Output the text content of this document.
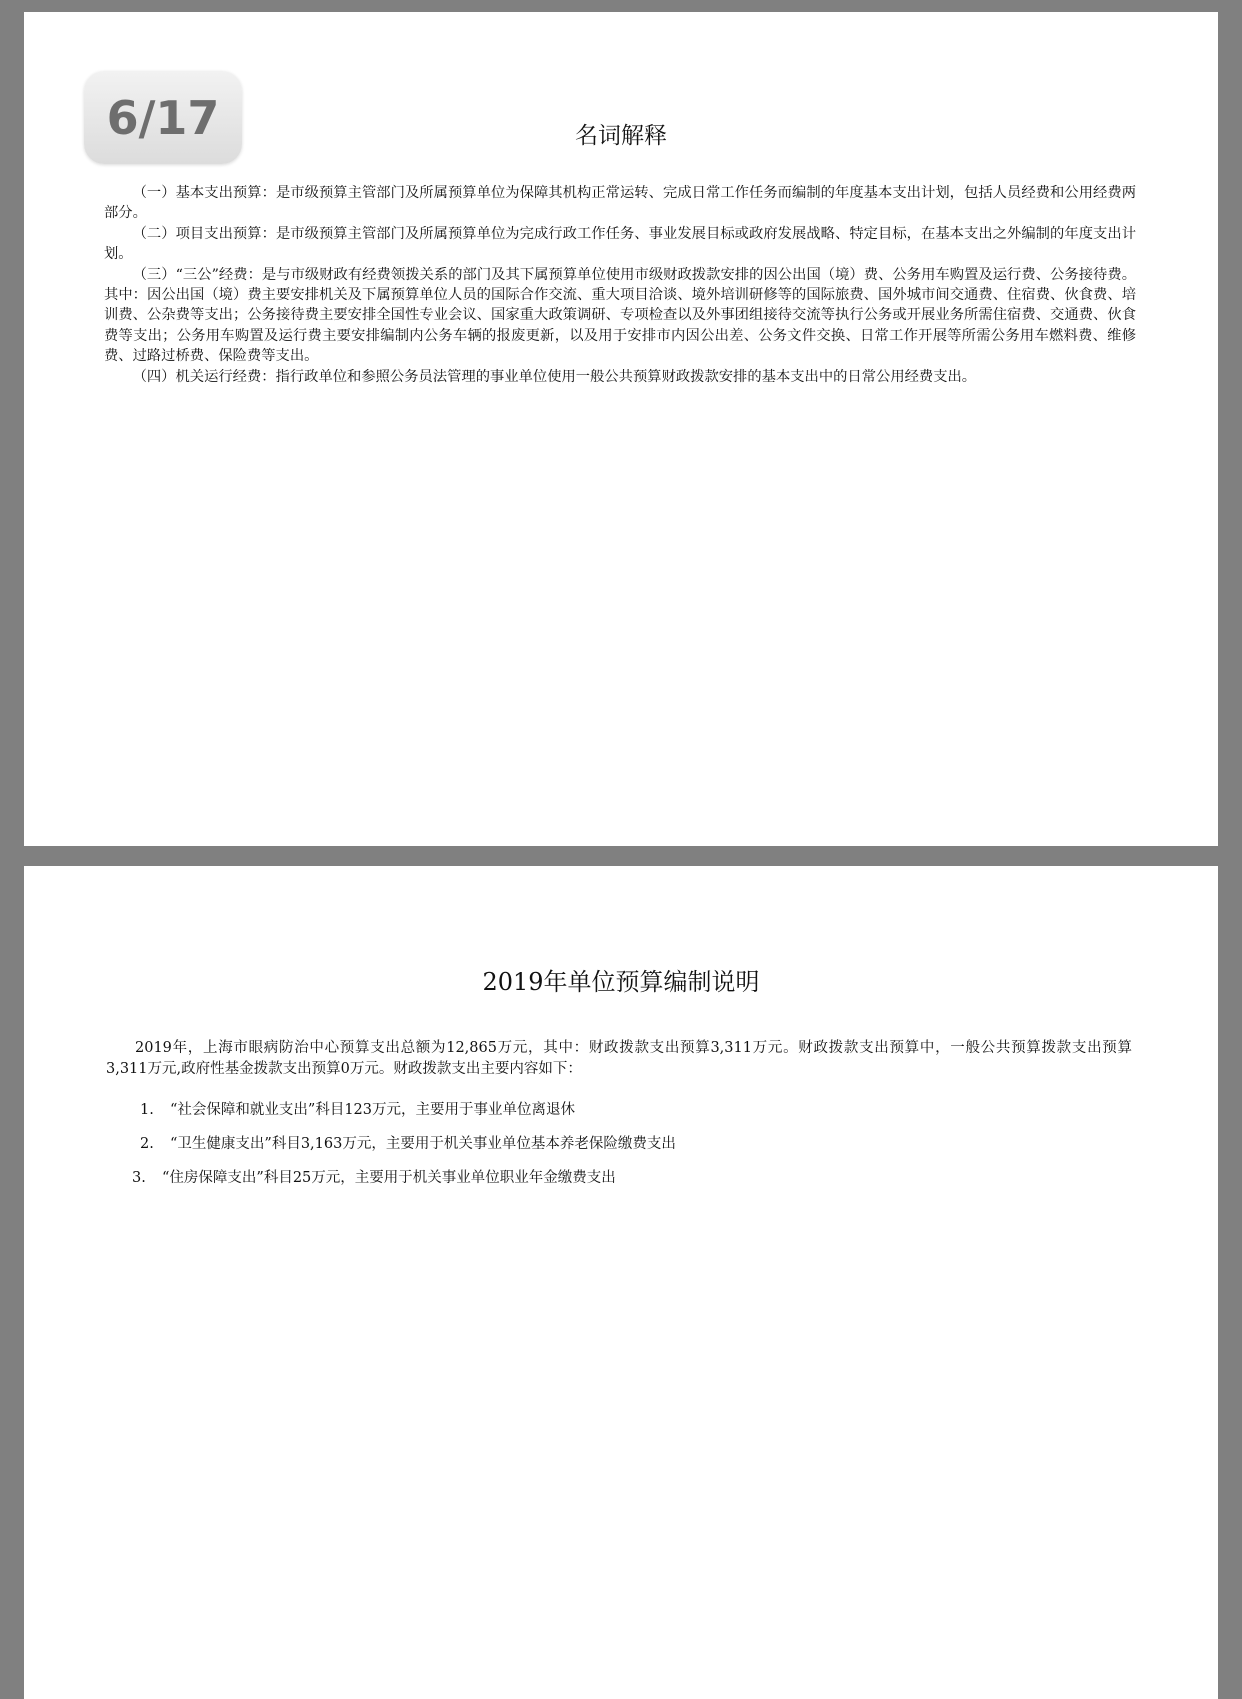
6/17	名词解释

（一）基本支出预算：是市级预算主管部门及所属预算单位为保障其机构正常运转、完成日常工作任务而编制的年度基本支出计划，包括人员经费和公用经费两部分。

（二）项目支出预算：是市级预算主管部门及所属预算单位为完成行政工作任务、事业发展目标或政府发展战略、特定目标，在基本支出之外编制的年度支出计划。

（三）“三公”经费：是与市级财政有经费领拨关系的部门及其下属预算单位使用市级财政拨款安排的因公出国（境）费、公务用车购置及运行费、公务接待费。其中：因公出国（境）费主要安排机关及下属预算单位人员的国际合作交流、重大项目洽谈、境外培训研修等的国际旅费、国外城市间交通费、住宿费、伙食费、培训费、公杂费等支出；公务接待费主要安排全国性专业会议、国家重大政策调研、专项检查以及外事团组接待交流等执行公务或开展业务所需住宿费、交通费、伙食费等支出；公务用车购置及运行费主要安排编制内公务车辆的报废更新，以及用于安排市内因公出差、公务文件交换、日常工作开展等所需公务用车燃料费、维修费、过路过桥费、保险费等支出。

（四）机关运行经费：指行政单位和参照公务员法管理的事业单位使用一般公共预算财政拨款安排的基本支出中的日常公用经费支出。

2019年单位预算编制说明

2019年，上海市眼病防治中心预算支出总额为12,865万元，其中：财政拨款支出预算3,311万元。财政拨款支出预算中，一般公共预算拨款支出预算3,311万元,政府性基金拨款支出预算0万元。财政拨款支出主要内容如下：

1. “社会保障和就业支出”科目123万元，主要用于事业单位离退休
2. “卫生健康支出”科目3,163万元，主要用于机关事业单位基本养老保险缴费支出
3. “住房保障支出”科目25万元，主要用于机关事业单位职业年金缴费支出
